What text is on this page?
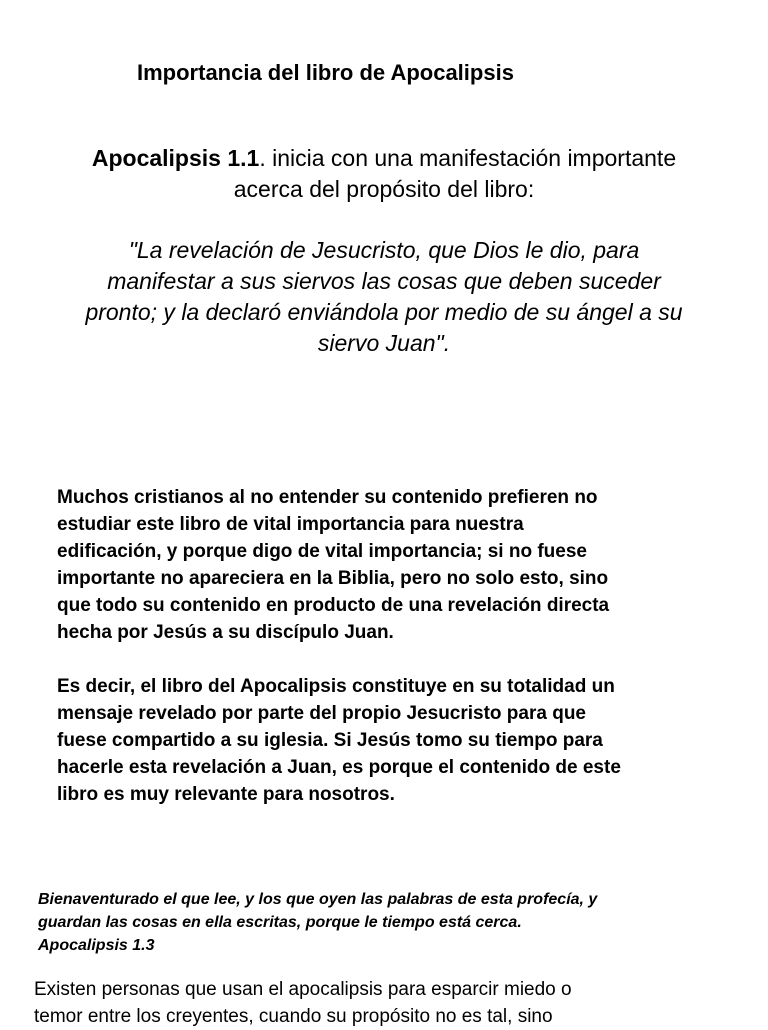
Importancia del libro de Apocalipsis
Apocalipsis 1.1. inicia con una manifestación importante
acerca del propósito del libro:
"La revelación de Jesucristo, que Dios le dio, para
manifestar a sus siervos las cosas que deben suceder
pronto; y la declaró enviándola por medio de su ángel a su
siervo Juan".
Muchos cristianos al no entender su contenido prefieren no
estudiar este libro de vital importancia para nuestra
edificación, y porque digo de vital importancia; si no fuese
importante no apareciera en la Biblia, pero no solo esto, sino
que todo su contenido en producto de una revelación directa
hecha por Jesús a su discípulo Juan.
Es decir, el libro del Apocalipsis constituye en su totalidad un
mensaje revelado por parte del propio Jesucristo para que
fuese compartido a su iglesia. Si Jesús tomo su tiempo para
hacerle esta revelación a Juan, es porque el contenido de este
libro es muy relevante para nosotros.
Bienaventurado el que lee, y los que oyen las palabras de esta profecía, y
guardan las cosas en ella escritas, porque le tiempo está cerca.
Apocalipsis 1.3
Existen personas que usan el apocalipsis para esparcir miedo o
temor entre los creyentes, cuando su propósito no es tal, sino
